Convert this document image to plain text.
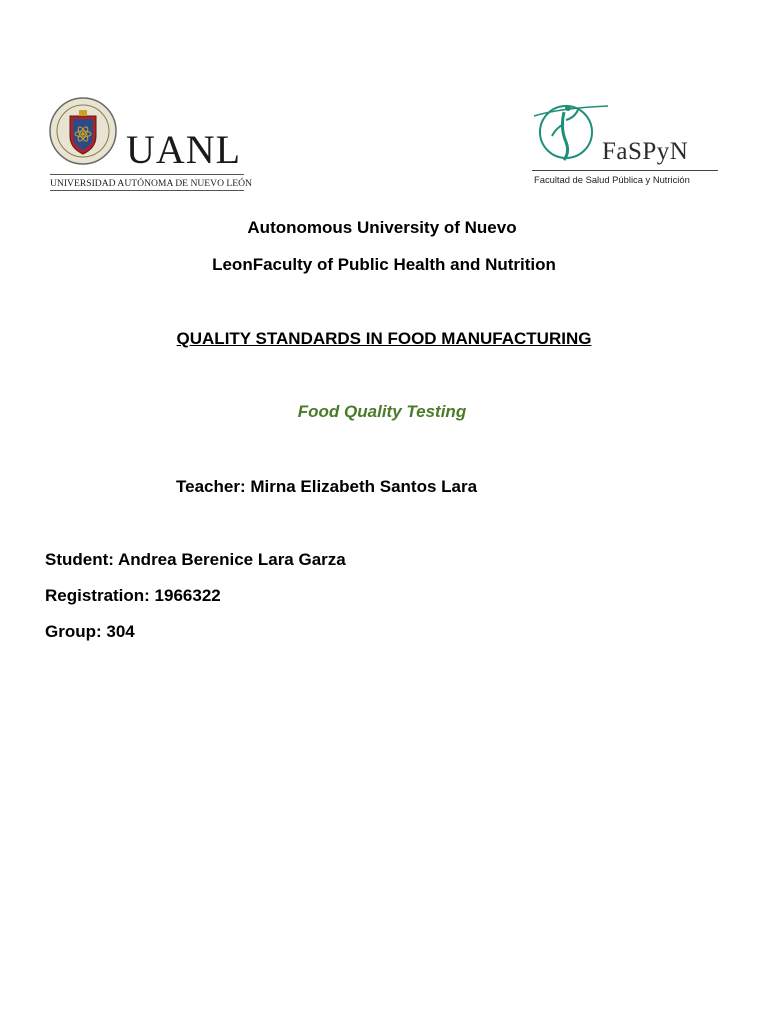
UANL
UNIVERSIDAD AUTÓNOMA DE NUEVO LEÓN
FaSPyN
Facultad de Salud Pública y Nutrición
Autonomous University of Nuevo
LeonFaculty of Public Health and Nutrition
QUALITY STANDARDS IN FOOD MANUFACTURING
Food Quality Testing
Teacher: Mirna Elizabeth Santos Lara
Student: Andrea Berenice Lara Garza
Registration: 1966322
Group: 304
